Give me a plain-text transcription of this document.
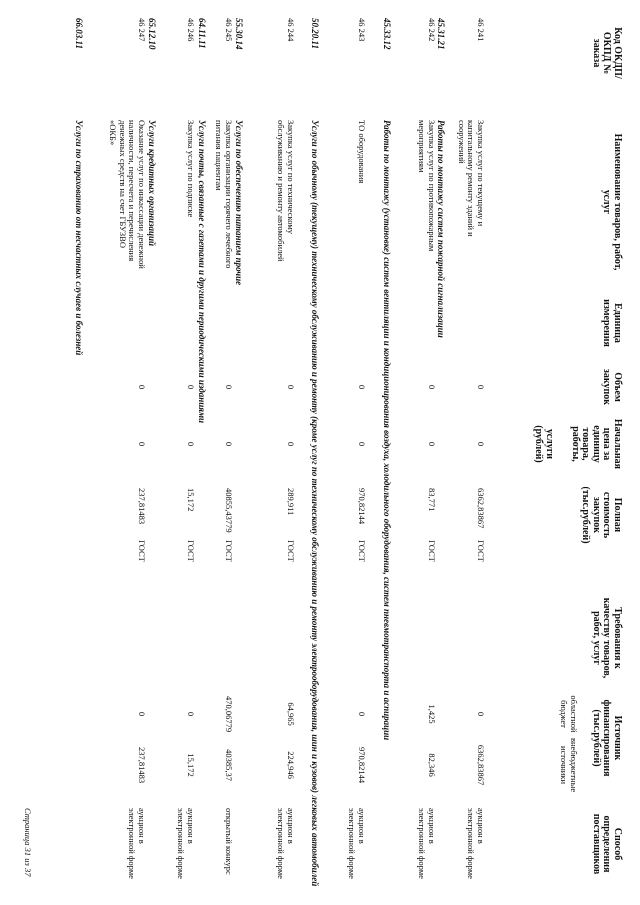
Код ОКДП/ ОКПД № заказа
Наименование товаров, работ, услуг
Единица измерения
Объем закупок
Начальная цена за единицу товара, работы,
услуги (рублей)
Полная стоимость закупок (тыс.рублей)
Требования к качеству товаров, работ, услуг
Источник финансирования (тыс.рублей)
областной бюджет
внебюджетные источники
Способ определения поставщиков
46 241
Закупка услуг по текущему и капитальному ремонту зданий и сооружений
0
0
6362,83867
ГОСТ
0
6362,83867
аукцион в электронной форме
45.31.21
Работы по монтажу систем пожарной сигнализации
46 242
Закупка услуг по противопожарным мероприятиям
0
0
83,771
ГОСТ
1,425
82,346
аукцион в электронной форме
45.33.12
Работы по монтажу (установке) систем вентиляции и кондиционирования воздуха, холодильного оборудования, систем пневмотранспорта и аспирации
46 243
ТО оборудования
0
0
970,82144
ГОСТ
0
970,82144
аукцион в электронной форме
50.20.11
Услуги по обычному (текущему) техническому обслуживанию и ремонту (кроме услуг по техническому обслуживанию и ремонту электрооборудования, шин и кузовов) легковых автомобилей
46 244
Закупка услуг по техническому обслуживанию и ремонту автомобилей
0
0
289,911
ГОСТ
64,965
224,946
аукцион в электронной форме
55.30.14
Услуги по обеспечению питанием прочие
46 245
Закупка организации горячего лечебного питания пациентам
0
0
40855,43779
ГОСТ
470,06779
40385,37
открытый конкурс
64.11.11
Услуги почты, связанные с газетами и другими периодическими изданиями
46 246
Закупка услуг по подписке
0
0
15,172
ГОСТ
0
15,172
аукцион в электронной форме
65.12.10
Услуги кредитных организаций
46 247
Оказание услуг по инкассации денежной наличности, пересчета и перечисления денежных средств на счет ГБУЗВО «ОКБ»
0
0
237,81483
ГОСТ
0
237,81483
аукцион в электронной форме
66.03.11
Услуги по страхованию от несчастных случаев и болезней
Страница 31 из 37
